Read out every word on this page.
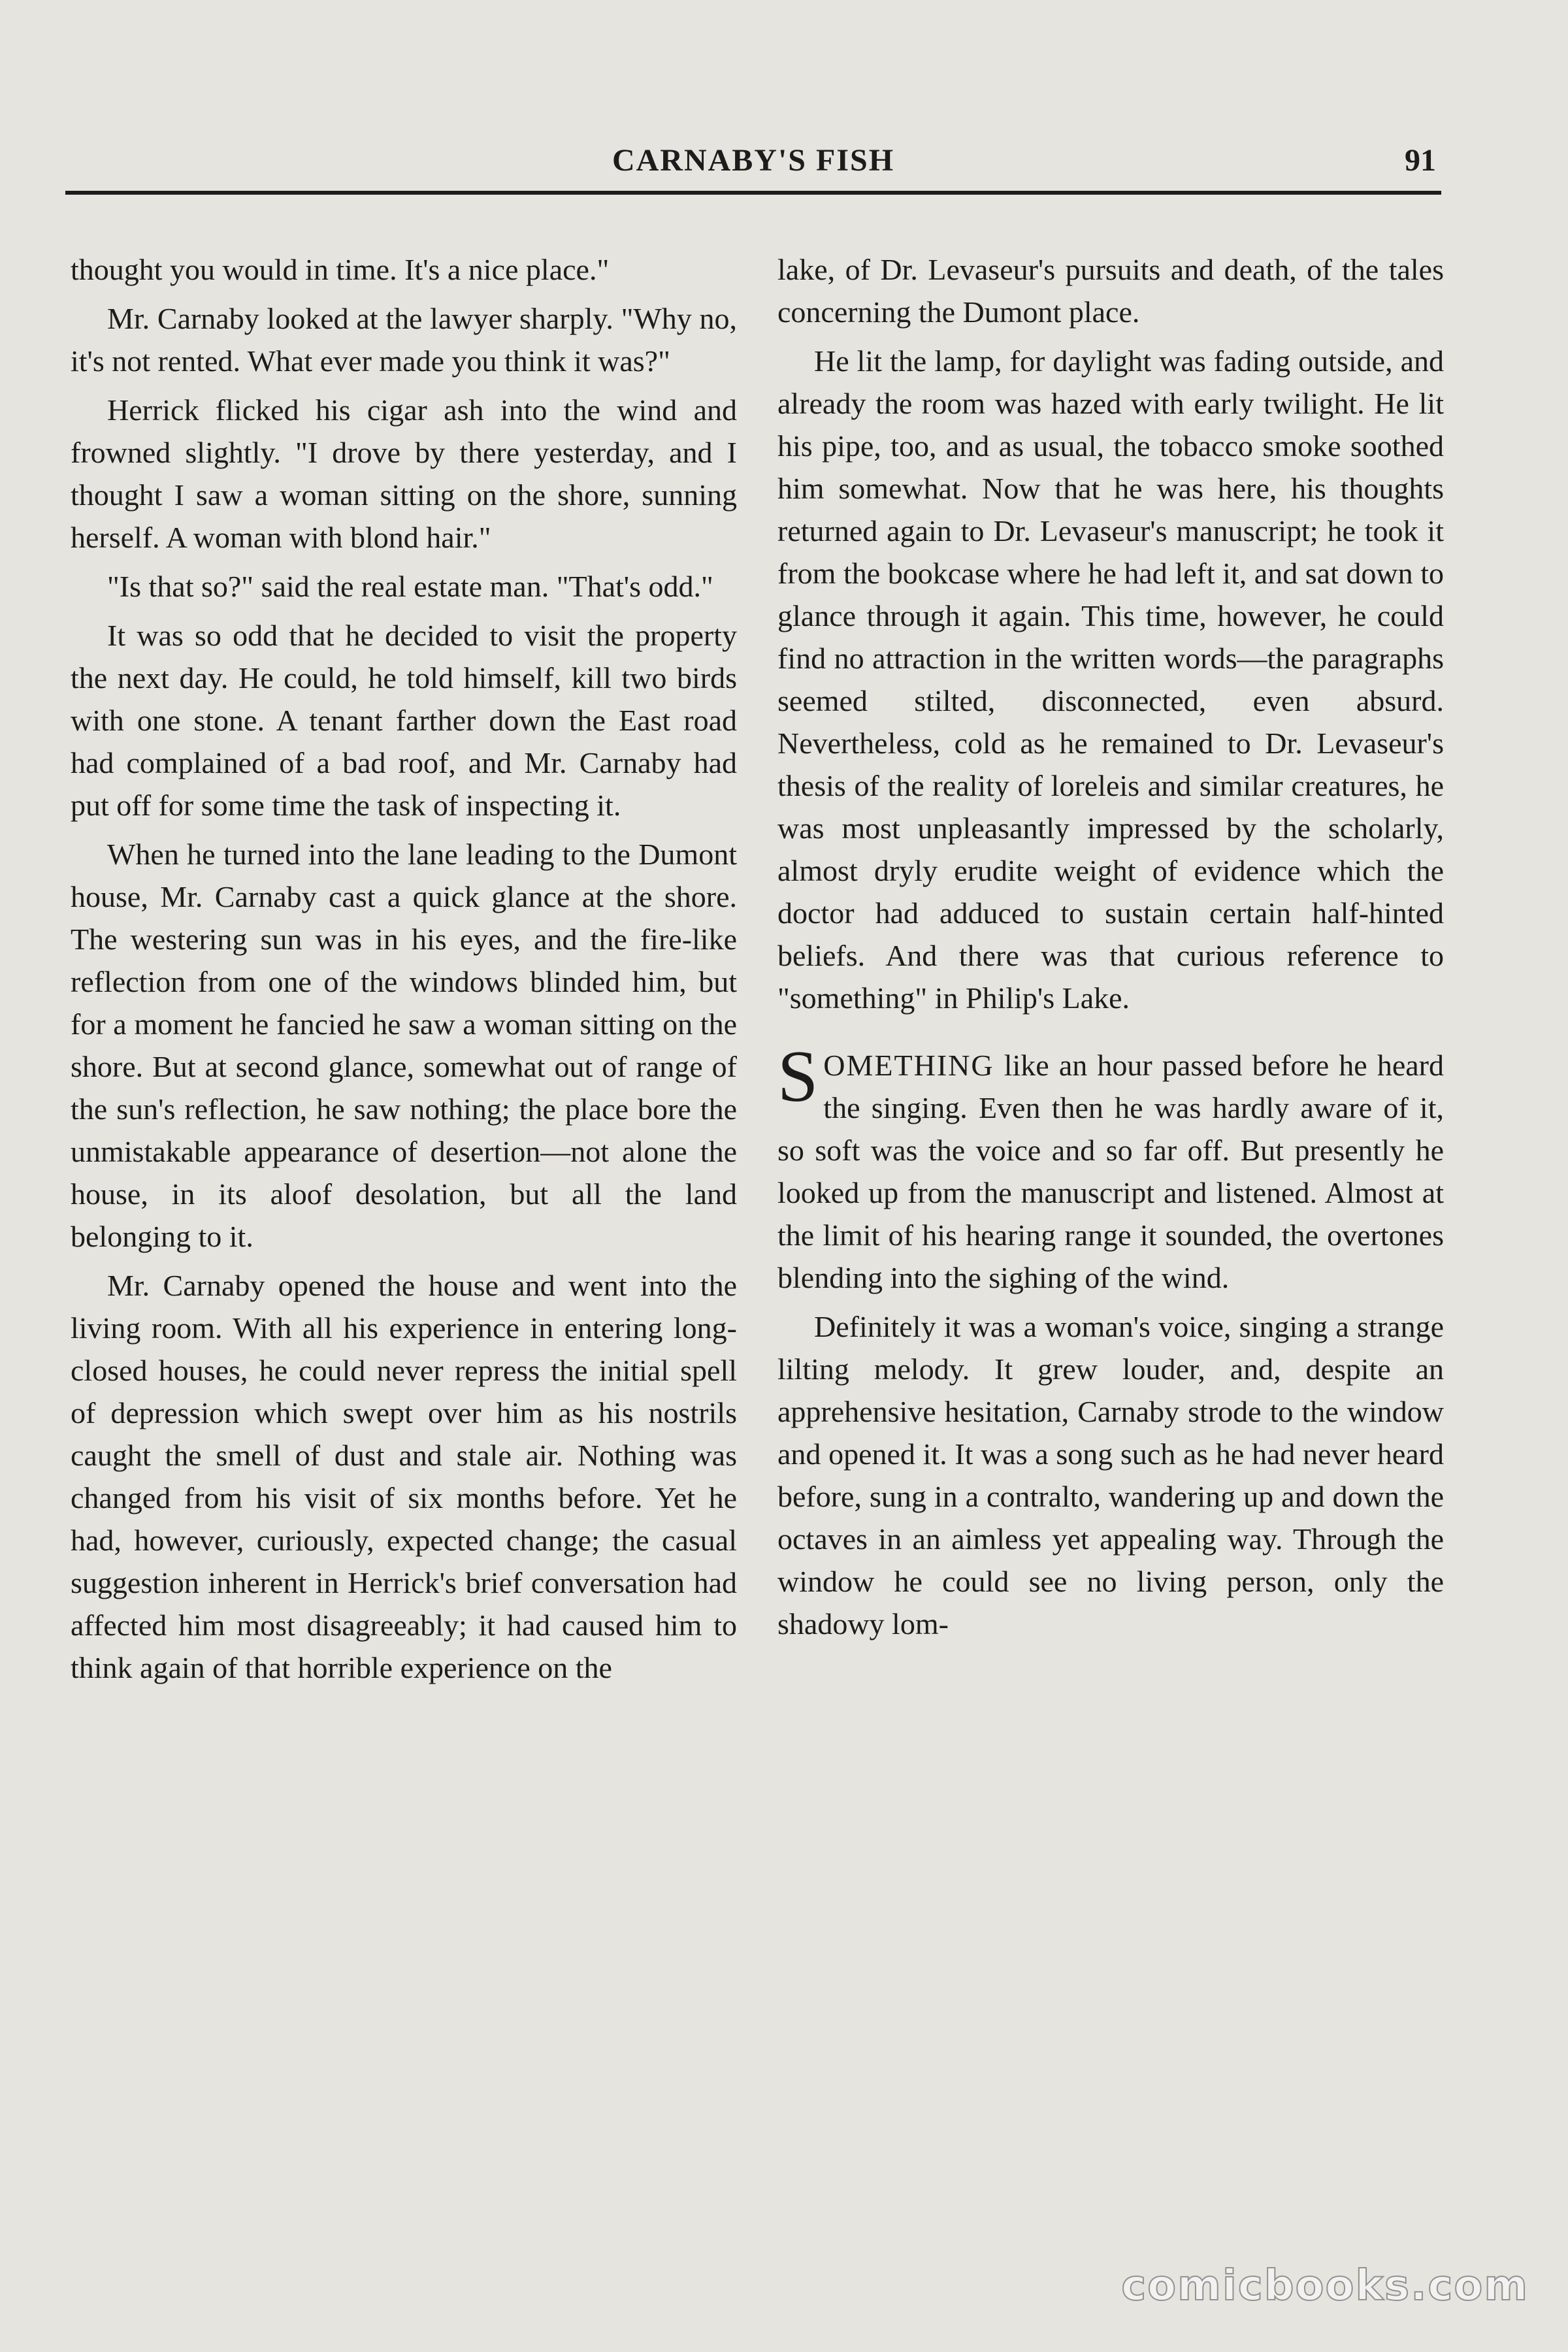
CARNABY'S FISH	91

thought you would in time. It's a nice place."

Mr. Carnaby looked at the lawyer sharply. "Why no, it's not rented. What ever made you think it was?"

Herrick flicked his cigar ash into the wind and frowned slightly. "I drove by there yesterday, and I thought I saw a woman sitting on the shore, sunning herself. A woman with blond hair."

"Is that so?" said the real estate man. "That's odd."

It was so odd that he decided to visit the property the next day. He could, he told himself, kill two birds with one stone. A tenant farther down the East road had complained of a bad roof, and Mr. Carnaby had put off for some time the task of inspecting it.

When he turned into the lane leading to the Dumont house, Mr. Carnaby cast a quick glance at the shore. The westering sun was in his eyes, and the fire-like reflection from one of the windows blinded him, but for a moment he fancied he saw a woman sitting on the shore. But at second glance, somewhat out of range of the sun's reflection, he saw nothing; the place bore the unmistakable appearance of desertion—not alone the house, in its aloof desolation, but all the land belonging to it.

Mr. Carnaby opened the house and went into the living room. With all his experience in entering long-closed houses, he could never repress the initial spell of depression which swept over him as his nostrils caught the smell of dust and stale air. Nothing was changed from his visit of six months before. Yet he had, however, curiously, expected change; the casual suggestion inherent in Herrick's brief conversation had affected him most disagreeably; it had caused him to think again of that horrible experience on the

lake, of Dr. Levaseur's pursuits and death, of the tales concerning the Dumont place.

He lit the lamp, for daylight was fading outside, and already the room was hazed with early twilight. He lit his pipe, too, and as usual, the tobacco smoke soothed him somewhat. Now that he was here, his thoughts returned again to Dr. Levaseur's manuscript; he took it from the bookcase where he had left it, and sat down to glance through it again. This time, however, he could find no attraction in the written words—the paragraphs seemed stilted, disconnected, even absurd. Nevertheless, cold as he remained to Dr. Levaseur's thesis of the reality of loreleis and similar creatures, he was most unpleasantly impressed by the scholarly, almost dryly erudite weight of evidence which the doctor had adduced to sustain certain half-hinted beliefs. And there was that curious reference to "something" in Philip's Lake.

SOMETHING like an hour passed before he heard the singing. Even then he was hardly aware of it, so soft was the voice and so far off. But presently he looked up from the manuscript and listened. Almost at the limit of his hearing range it sounded, the overtones blending into the sighing of the wind.

Definitely it was a woman's voice, singing a strange lilting melody. It grew louder, and, despite an apprehensive hesitation, Carnaby strode to the window and opened it. It was a song such as he had never heard before, sung in a contralto, wandering up and down the octaves in an aimless yet appealing way. Through the window he could see no living person, only the shadowy lom-

comicbooks.com
